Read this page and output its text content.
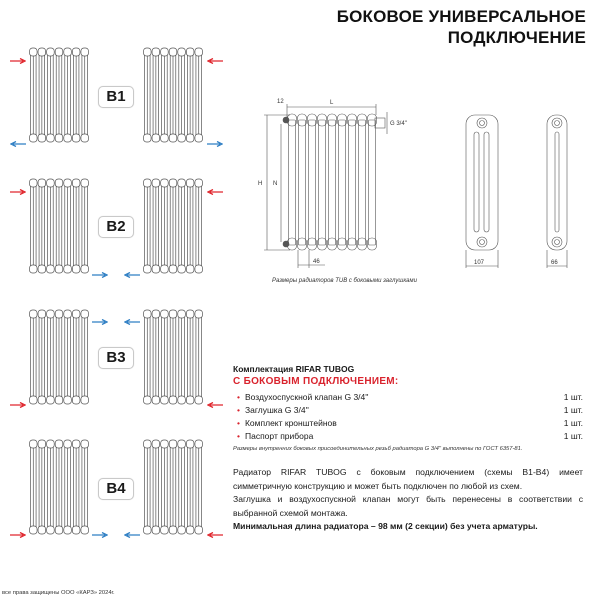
БОКОВОЕ УНИВЕРСАЛЬНОЕ
ПОДКЛЮЧЕНИЕ
B1
B2
B3
B4
12	L
H N
46
G 3/4''
107	66
Размеры радиаторов TUB с боковыми заглушками
Комплектация RIFAR TUBOG
С БОКОВЫМ ПОДКЛЮЧЕНИЕМ:
• Воздухоспускной клапан G 3/4''	1 шт.
• Заглушка G 3/4''	1 шт.
• Комплект кронштейнов	1 шт.
• Паспорт прибора	1 шт.
Размеры внутренних боковых присоединительных резьб радиатора G 3/4'' выполнены по ГОСТ 6357-81.

Радиатор RIFAR TUBOG с боковым подключением (схемы B1-B4) имеет симметричную конструкцию и может быть подключен по любой из схем.

Заглушка и воздухоспускной клапан могут быть перенесены в соответствии с выбранной схемой монтажа.

Минимальная длина радиатора – 98 мм (2 секции) без учета арматуры.

все права защищены ООО «КАРЗ» 2024г.
